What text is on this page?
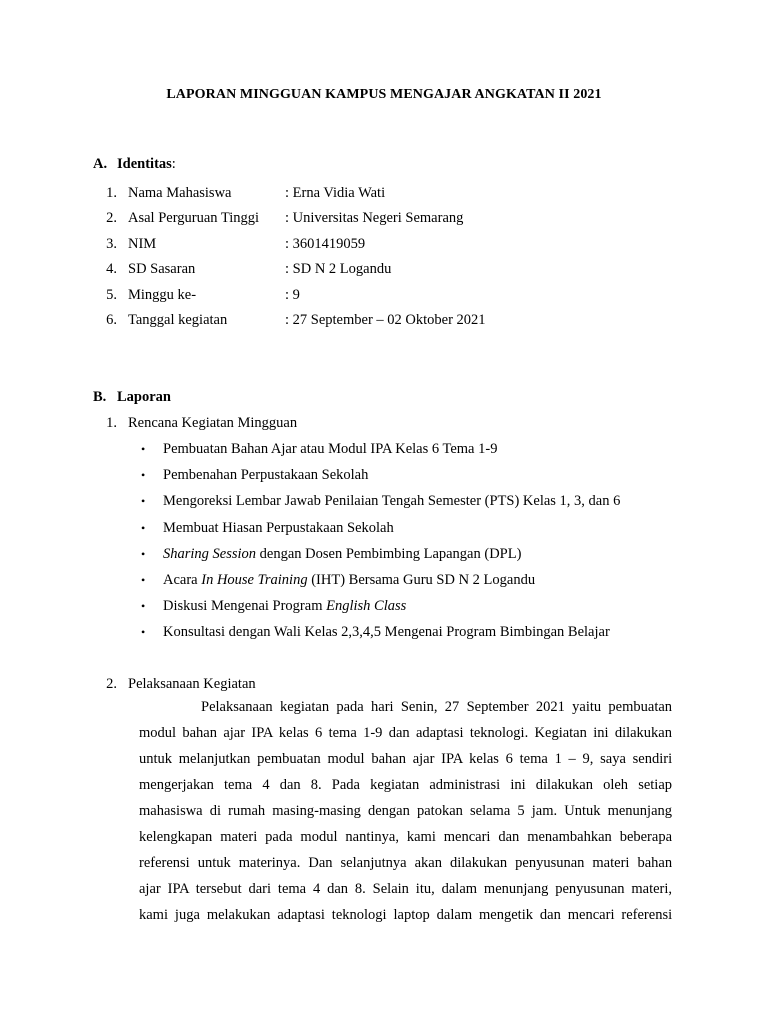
LAPORAN MINGGUAN KAMPUS MENGAJAR ANGKATAN II 2021
A. Identitas:
1. Nama Mahasiswa	: Erna Vidia Wati
2. Asal Perguruan Tinggi : Universitas Negeri Semarang
3. NIM	: 3601419059
4. SD Sasaran	: SD N 2 Logandu
5. Minggu ke-	: 9
6. Tanggal kegiatan	: 27 September – 02 Oktober 2021
B. Laporan
1. Rencana Kegiatan Mingguan
• Pembuatan Bahan Ajar atau Modul IPA Kelas 6 Tema 1-9
• Pembenahan Perpustakaan Sekolah
• Mengoreksi Lembar Jawab Penilaian Tengah Semester (PTS) Kelas 1, 3, dan 6
• Membuat Hiasan Perpustakaan Sekolah
• Sharing Session dengan Dosen Pembimbing Lapangan (DPL)
• Acara In House Training (IHT) Bersama Guru SD N 2 Logandu
• Diskusi Mengenai Program English Class
• Konsultasi dengan Wali Kelas 2,3,4,5 Mengenai Program Bimbingan Belajar
2. Pelaksanaan Kegiatan
Pelaksanaan kegiatan pada hari Senin, 27 September 2021 yaitu pembuatan
modul bahan ajar IPA kelas 6 tema 1-9 dan adaptasi teknologi. Kegiatan ini dilakukan
untuk melanjutkan pembuatan modul bahan ajar IPA kelas 6 tema 1 – 9, saya sendiri
mengerjakan tema 4 dan 8. Pada kegiatan administrasi ini dilakukan oleh setiap
mahasiswa di rumah masing-masing dengan patokan selama 5 jam. Untuk menunjang
kelengkapan materi pada modul nantinya, kami mencari dan menambahkan beberapa
referensi untuk materinya. Dan selanjutnya akan dilakukan penyusunan materi bahan
ajar IPA tersebut dari tema 4 dan 8. Selain itu, dalam menunjang penyusunan materi,
kami juga melakukan adaptasi teknologi laptop dalam mengetik dan mencari referensi
